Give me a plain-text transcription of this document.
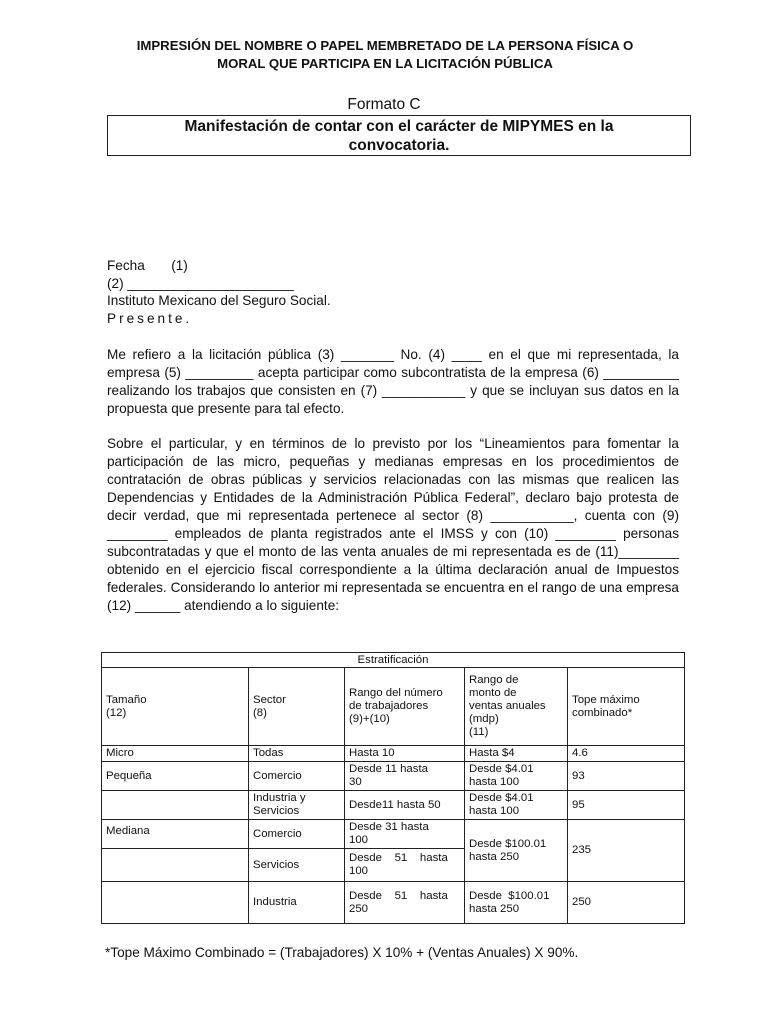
IMPRESIÓN DEL NOMBRE O PAPEL MEMBRETADO DE LA PERSONA FÍSICA O
MORAL QUE PARTICIPA EN LA LICITACIÓN PÚBLICA
Formato C
Manifestación de contar con el carácter de MIPYMES en la
convocatoria.
Fecha       (1)
(2) ______________________
Instituto Mexicano del Seguro Social.
Presente.

Me refiero a la licitación pública (3) _______ No. (4) ____ en el que mi representada, la empresa (5) _________ acepta participar como subcontratista de la empresa (6) __________ realizando los trabajos que consisten en (7) ___________ y que se incluyan sus datos en la propuesta que presente para tal efecto.

Sobre el particular, y en términos de lo previsto por los “Lineamientos para fomentar la participación de las micro, pequeñas y medianas empresas en los procedimientos de contratación de obras públicas y servicios relacionadas con las mismas que realicen las Dependencias y Entidades de la Administración Pública Federal”, declaro bajo protesta de decir verdad, que mi representada pertenece al sector (8) ___________, cuenta con (9) ________ empleados de planta registrados ante el IMSS y con (10) ________ personas subcontratadas y que el monto de las venta anuales de mi representada es de (11)________ obtenido en el ejercicio fiscal correspondiente a la última declaración anual de Impuestos federales. Considerando lo anterior mi representada se encuentra en el rango de una empresa (12) ______ atendiendo a lo siguiente:

Estratificación				
Tamaño
(12)	Sector
(8)	Rango del número
de trabajadores
(9)+(10)	Rango de
monto de
ventas anuales
(mdp)
(11)	Tope máximo
combinado*
Micro	Todas	Hasta 10	Hasta $4	4.6
Pequeña	Comercio	Desde 11 hasta
30	Desde $4.01
hasta 100	93
	Industria y
Servicios	Desde11 hasta 50	Desde $4.01
hasta 100	95
Mediana	Comercio	Desde 31 hasta
100	Desde $100.01
hasta 250	235
	Servicios	Desde    51    hasta
100		
	Industria	Desde    51    hasta
250	Desde  $100.01
hasta 250	250
*Tope Máximo Combinado = (Trabajadores) X 10% + (Ventas Anuales) X 90%.
